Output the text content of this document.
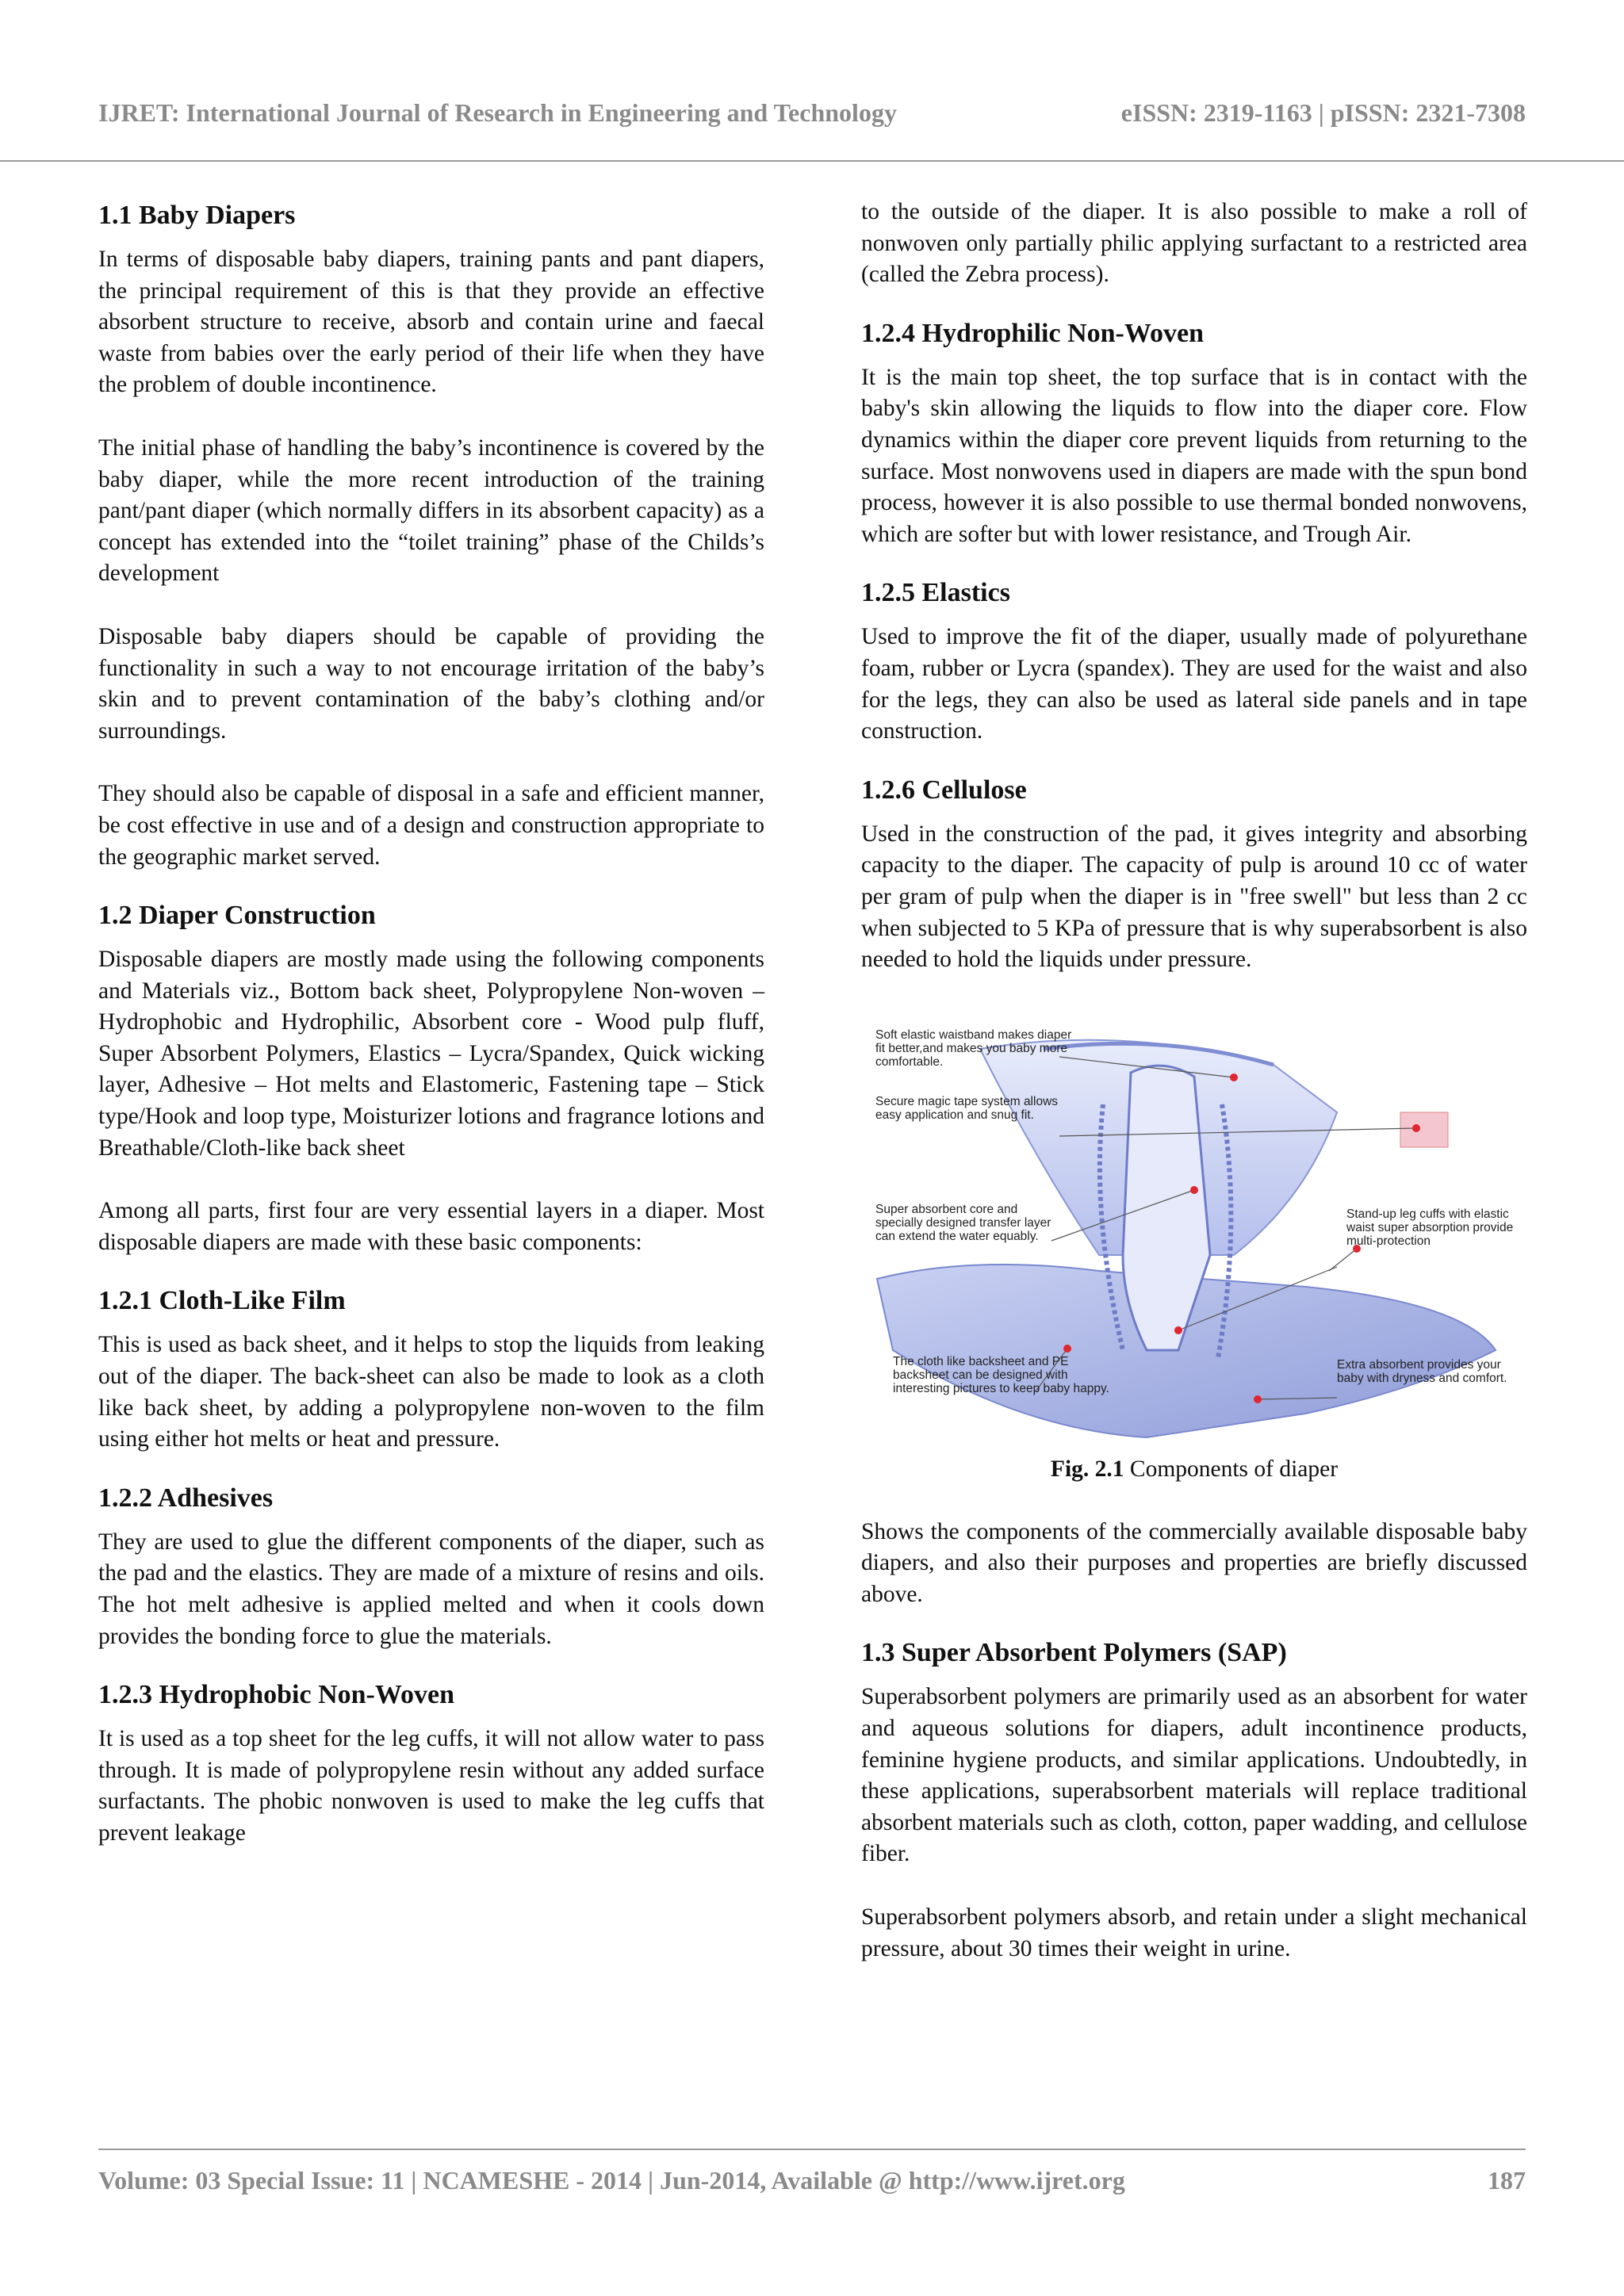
IJRET: International Journal of Research in Engineering and Technology	eISSN: 2319-1163 | pISSN: 2321-7308
1.1 Baby Diapers

In terms of disposable baby diapers, training pants and pant diapers, the principal requirement of this is that they provide an effective absorbent structure to receive, absorb and contain urine and faecal waste from babies over the early period of their life when they have the problem of double incontinence.

The initial phase of handling the baby’s incontinence is covered by the baby diaper, while the more recent introduction of the training pant/pant diaper (which normally differs in its absorbent capacity) as a concept has extended into the “toilet training” phase of the Childs’s development

Disposable baby diapers should be capable of providing the functionality in such a way to not encourage irritation of the baby’s skin and to prevent contamination of the baby’s clothing and/or surroundings.

They should also be capable of disposal in a safe and efficient manner, be cost effective in use and of a design and construction appropriate to the geographic market served.

1.2 Diaper Construction

Disposable diapers are mostly made using the following components and Materials viz., Bottom back sheet, Polypropylene Non-woven – Hydrophobic and Hydrophilic, Absorbent core - Wood pulp fluff, Super Absorbent Polymers, Elastics – Lycra/Spandex, Quick wicking layer, Adhesive – Hot melts and Elastomeric, Fastening tape – Stick type/Hook and loop type, Moisturizer lotions and fragrance lotions and Breathable/Cloth-like back sheet

Among all parts, first four are very essential layers in a diaper. Most disposable diapers are made with these basic components:

1.2.1 Cloth-Like Film

This is used as back sheet, and it helps to stop the liquids from leaking out of the diaper. The back-sheet can also be made to look as a cloth like back sheet, by adding a polypropylene non-woven to the film using either hot melts or heat and pressure.

1.2.2 Adhesives

They are used to glue the different components of the diaper, such as the pad and the elastics. They are made of a mixture of resins and oils. The hot melt adhesive is applied melted and when it cools down provides the bonding force to glue the materials.

1.2.3 Hydrophobic Non-Woven

It is used as a top sheet for the leg cuffs, it will not allow water to pass through. It is made of polypropylene resin without any added surface surfactants. The phobic nonwoven is used to make the leg cuffs that prevent leakage

to the outside of the diaper. It is also possible to make a roll of nonwoven only partially philic applying surfactant to a restricted area (called the Zebra process).

1.2.4 Hydrophilic Non-Woven

It is the main top sheet, the top surface that is in contact with the baby's skin allowing the liquids to flow into the diaper core. Flow dynamics within the diaper core prevent liquids from returning to the surface. Most nonwovens used in diapers are made with the spun bond process, however it is also possible to use thermal bonded nonwovens, which are softer but with lower resistance, and Trough Air.

1.2.5 Elastics

Used to improve the fit of the diaper, usually made of polyurethane foam, rubber or Lycra (spandex). They are used for the waist and also for the legs, they can also be used as lateral side panels and in tape construction.

1.2.6 Cellulose

Used in the construction of the pad, it gives integrity and absorbing capacity to the diaper. The capacity of pulp is around 10 cc of water per gram of pulp when the diaper is in "free swell" but less than 2 cc when subjected to 5 KPa of pressure that is why superabsorbent is also needed to hold the liquids under pressure.

Soft elastic waistband makes diaper fit better,and makes you baby more comfortable.
Secure magic tape system allows easy application and snug fit.
Super absorbent core and specially designed transfer layer can extend the water equably.
Stand-up leg cuffs with elastic waist super absorption provide multi-protection
The cloth like backsheet and PE backsheet can be designed with interesting pictures to keep baby happy.
Extra absorbent provides your baby with dryness and comfort.
Fig. 2.1 Components of diaper

Shows the components of the commercially available disposable baby diapers, and also their purposes and properties are briefly discussed above.

1.3 Super Absorbent Polymers (SAP)

Superabsorbent polymers are primarily used as an absorbent for water and aqueous solutions for diapers, adult incontinence products, feminine hygiene products, and similar applications. Undoubtedly, in these applications, superabsorbent materials will replace traditional absorbent materials such as cloth, cotton, paper wadding, and cellulose fiber.

Superabsorbent polymers absorb, and retain under a slight mechanical pressure, about 30 times their weight in urine.

Volume: 03 Special Issue: 11 | NCAMESHE - 2014 | Jun-2014, Available @ http://www.ijret.org	187
